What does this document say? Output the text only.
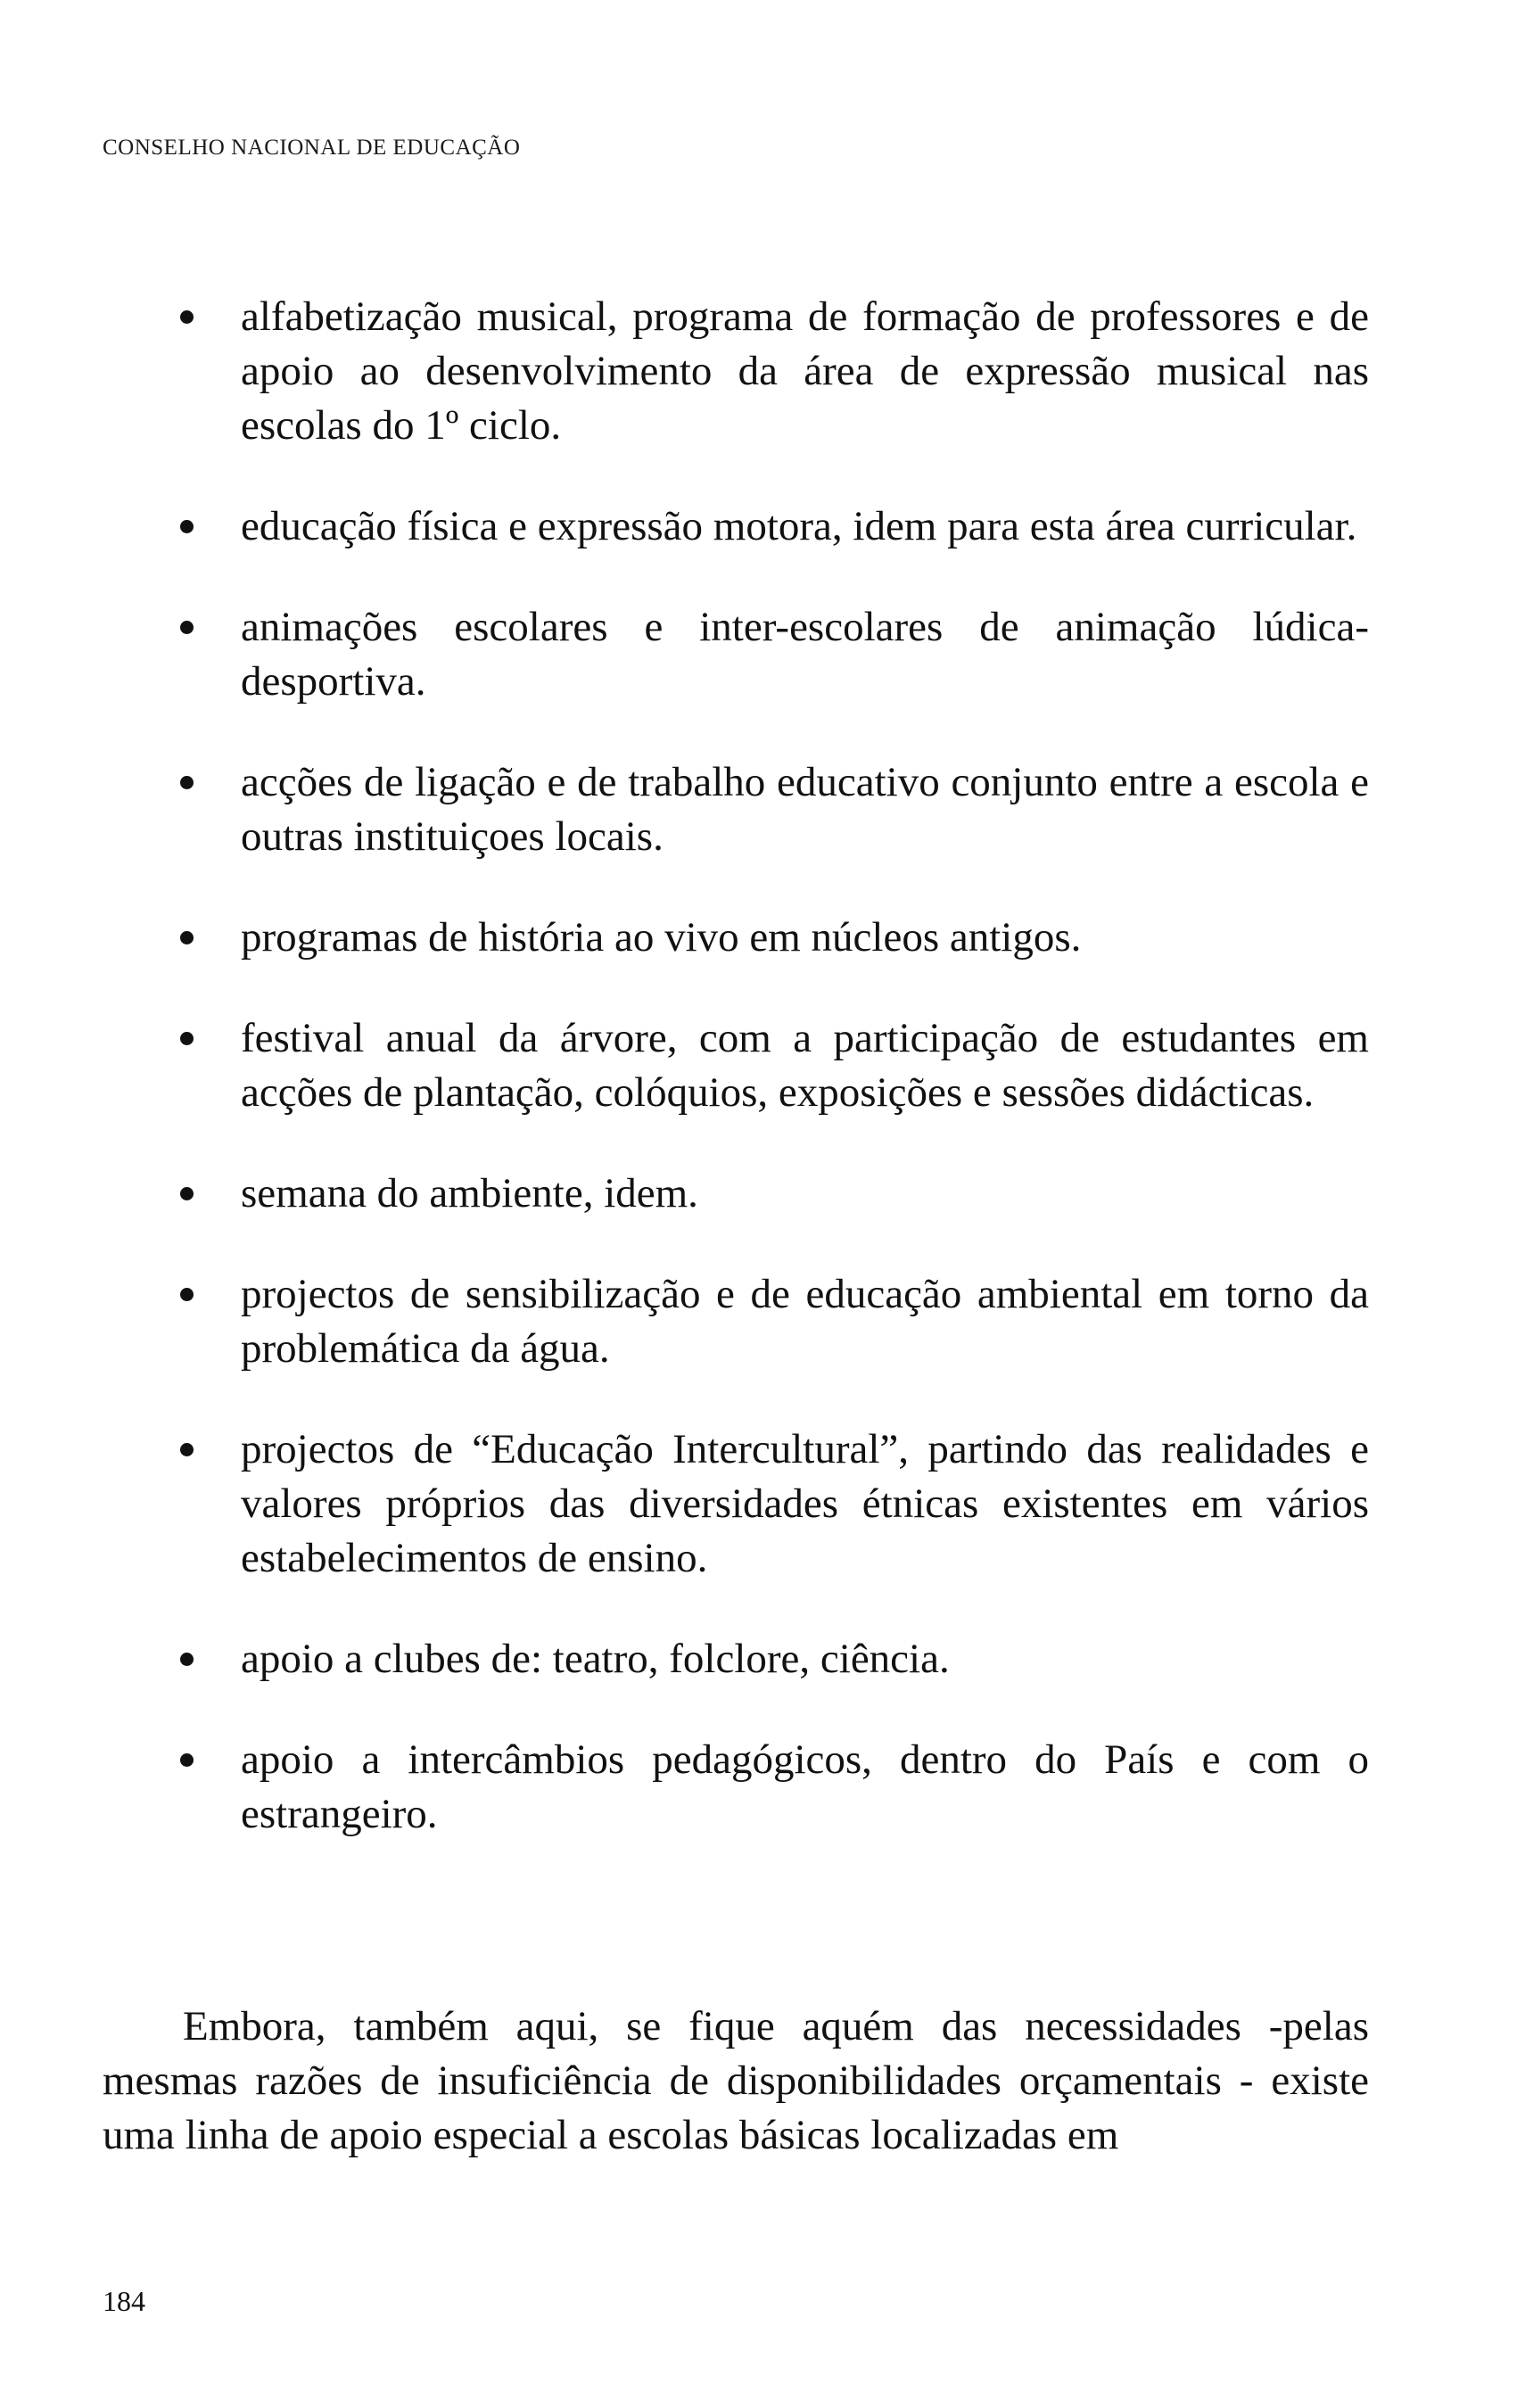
CONSELHO NACIONAL DE EDUCAÇÃO
alfabetização musical, programa de formação de professores e de apoio ao desenvolvimento da área de expressão musical nas escolas do 1º ciclo.
educação física e expressão motora, idem para esta área curricular.
animações escolares e inter-escolares de animação lúdica-desportiva.
acções de ligação e de trabalho educativo conjunto entre a escola e outras instituiçoes locais.
programas de história ao vivo em núcleos antigos.
festival anual da árvore, com a participação de estudantes em acções de plantação, colóquios, exposições e sessões didácticas.
semana do ambiente, idem.
projectos de sensibilização e de educação ambiental em torno da problemática da água.
projectos de “Educação Intercultural”, partindo das realidades e valores próprios das diversidades étnicas existentes em vários estabelecimentos de ensino.
apoio a clubes de: teatro, folclore, ciência.
apoio a intercâmbios pedagógicos, dentro do País e com o estrangeiro.

Embora, também aqui, se fique aquém das necessidades -pelas mesmas razões de insuficiência de disponibilidades orçamentais - existe uma linha de apoio especial a escolas básicas localizadas em

184
